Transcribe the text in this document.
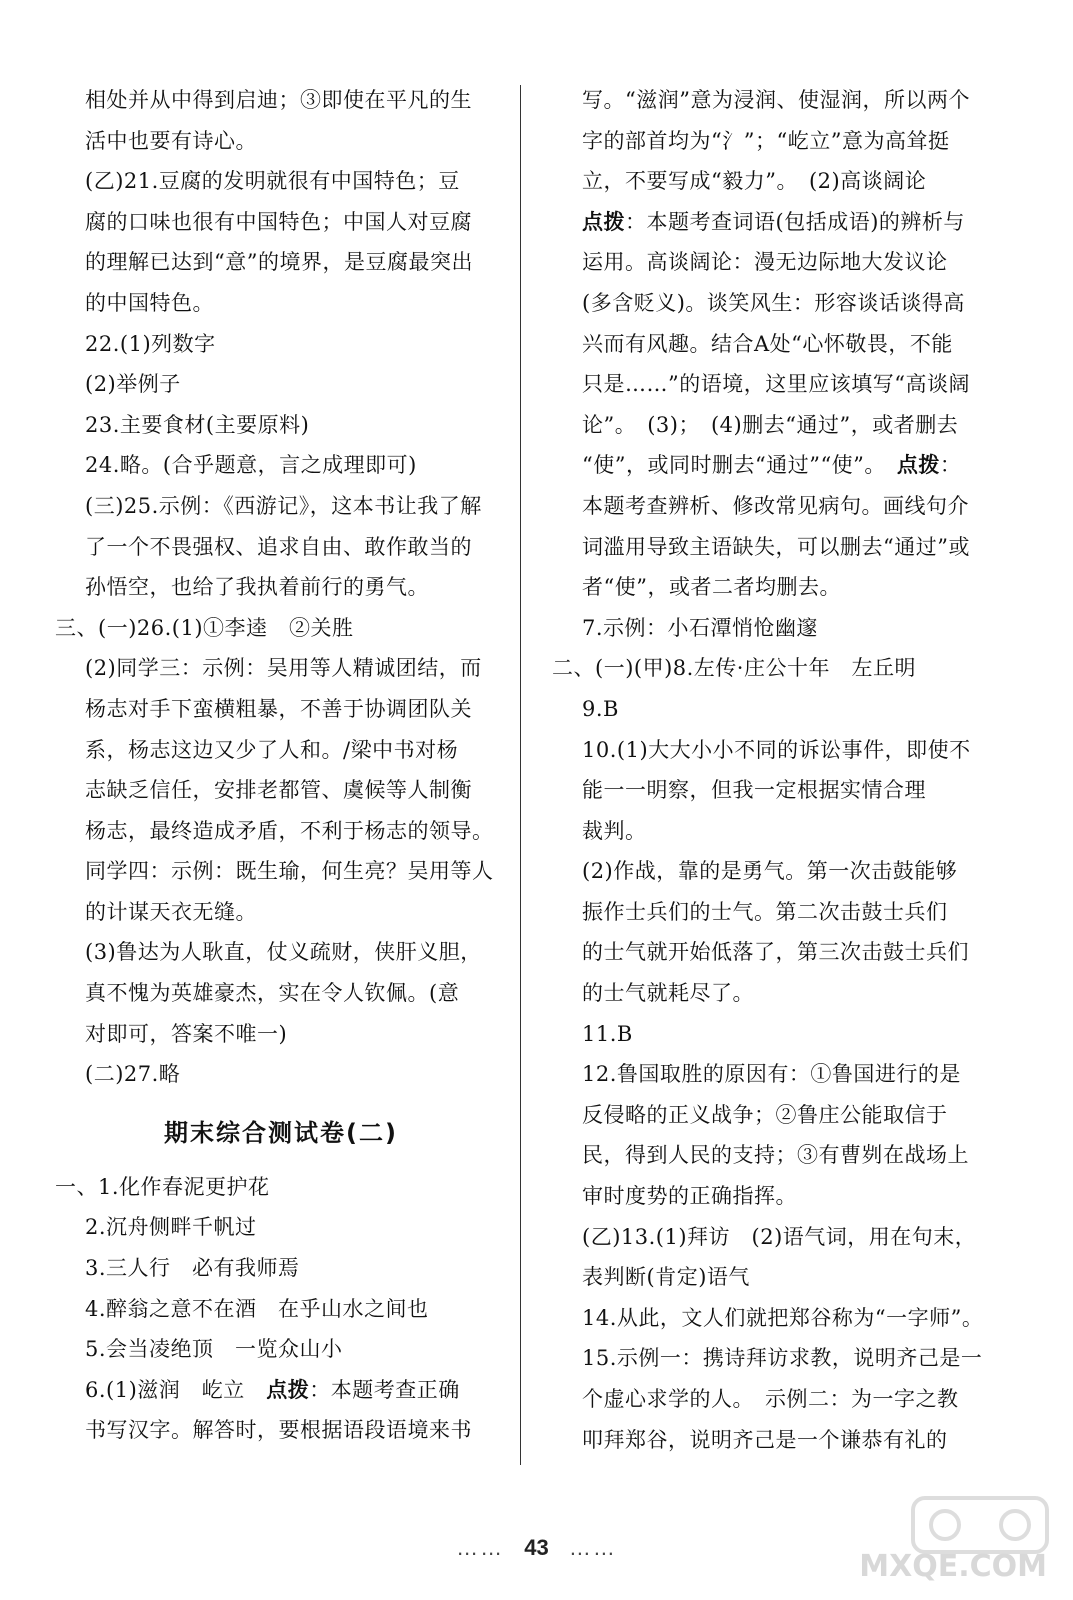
相处并从中得到启迪；③即使在平凡的生
活中也要有诗心。
(乙)21.豆腐的发明就很有中国特色；豆
腐的口味也很有中国特色；中国人对豆腐
的理解已达到“意”的境界，是豆腐最突出
的中国特色。
22.(1)列数字
(2)举例子
23.主要食材(主要原料)
24.略。(合乎题意，言之成理即可)
(三)25.示例：《西游记》，这本书让我了解
了一个不畏强权、追求自由、敢作敢当的
孙悟空，也给了我执着前行的勇气。
三、(一)26.(1)①李逵　②关胜
(2)同学三：示例：吴用等人精诚团结，而
杨志对手下蛮横粗暴，不善于协调团队关
系，杨志这边又少了人和。/梁中书对杨
志缺乏信任，安排老都管、虞候等人制衡
杨志，最终造成矛盾，不利于杨志的领导。
同学四：示例：既生瑜，何生亮？吴用等人
的计谋天衣无缝。
(3)鲁达为人耿直，仗义疏财，侠肝义胆，
真不愧为英雄豪杰，实在令人钦佩。(意
对即可，答案不唯一)
(二)27.略
期末综合测试卷(二)
一、1.化作春泥更护花
2.沉舟侧畔千帆过
3.三人行　必有我师焉
4.醉翁之意不在酒　在乎山水之间也
5.会当凌绝顶　一览众山小
6.(1)滋润　屹立　点拨：本题考查正确
书写汉字。解答时，要根据语段语境来书
写。“滋润”意为浸润、使湿润，所以两个
字的部首均为“氵”；“屹立”意为高耸挺
立，不要写成“毅力”。　(2)高谈阔论
点拨：本题考查词语(包括成语)的辨析与
运用。高谈阔论：漫无边际地大发议论
(多含贬义)。谈笑风生：形容谈话谈得高
兴而有风趣。结合A处“心怀敬畏，不能
只是……”的语境，这里应该填写“高谈阔
论”。　(3)；　(4)删去“通过”，或者删去
“使”，或同时删去“通过”“使”。　点拨：
本题考查辨析、修改常见病句。画线句介
词滥用导致主语缺失，可以删去“通过”或
者“使”，或者二者均删去。
7.示例：小石潭悄怆幽邃
二、(一)(甲)8.左传·庄公十年　左丘明
9.B
10.(1)大大小小不同的诉讼事件，即使不
能一一明察，但我一定根据实情合理
裁判。
(2)作战，靠的是勇气。第一次击鼓能够
振作士兵们的士气。第二次击鼓士兵们
的士气就开始低落了，第三次击鼓士兵们
的士气就耗尽了。
11.B
12.鲁国取胜的原因有：①鲁国进行的是
反侵略的正义战争；②鲁庄公能取信于
民，得到人民的支持；③有曹刿在战场上
审时度势的正确指挥。
(乙)13.(1)拜访　(2)语气词，用在句末，
表判断(肯定)语气
14.从此，文人们就把郑谷称为“一字师”。
15.示例一：携诗拜访求教，说明齐己是一
个虚心求学的人。　示例二：为一字之教
叩拜郑谷，说明齐己是一个谦恭有礼的
…… 43 ……
MXQE.COM
